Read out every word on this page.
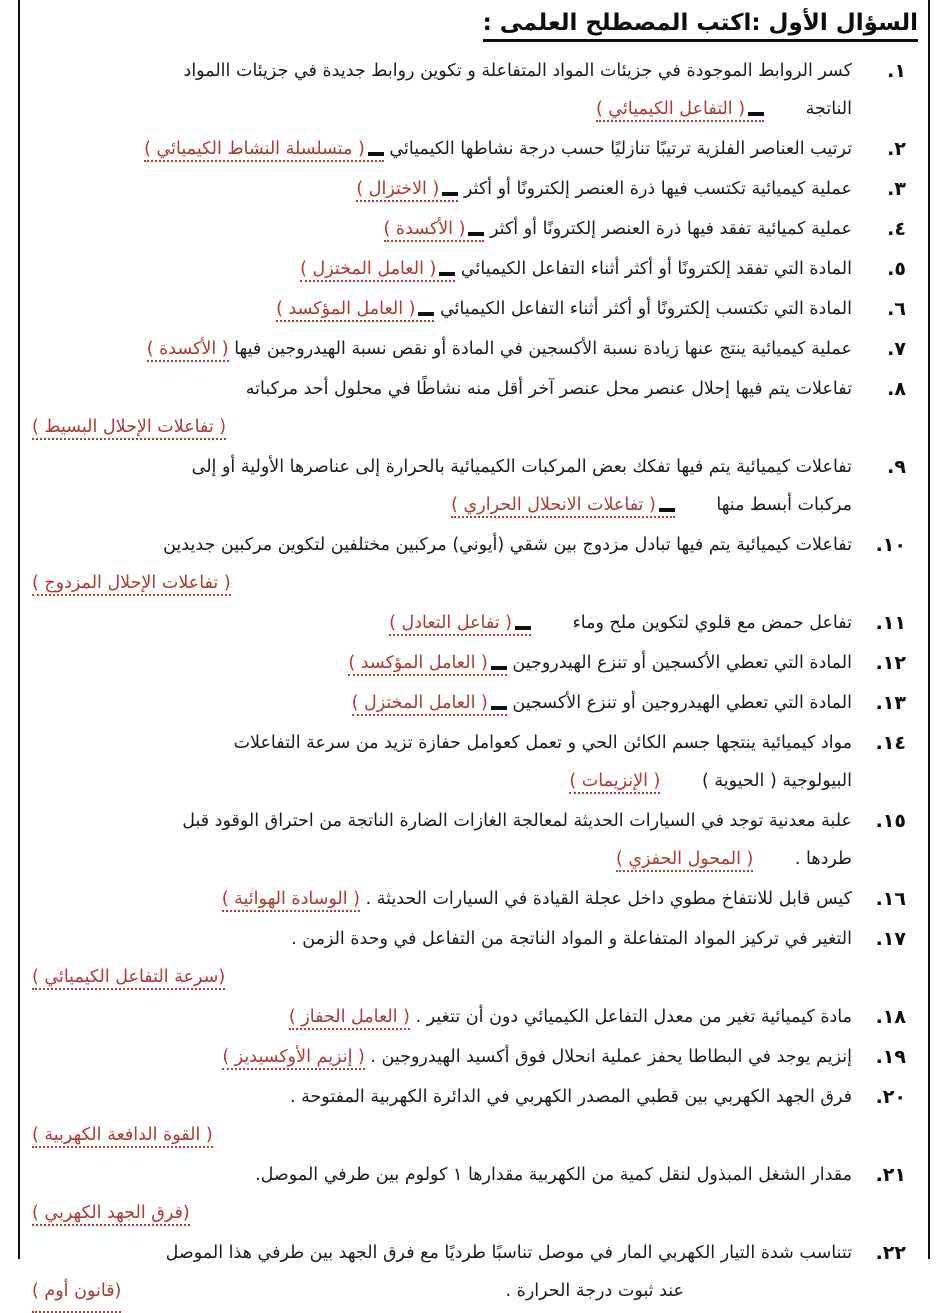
السؤال الأول :اكتب المصطلح العلمى :
١.
كسر الروابط الموجودة في جزيئات المواد المتفاعلة و تكوين روابط جديدة في جزيئات االمواد
الناتجة ( التفاعل الكيميائي )
٢.
ترتيب العناصر الفلزية ترتيبًا تنازليًا حسب درجة نشاطها الكيميائي ( متسلسلة النشاط الكيميائي )
٣.
عملية كيميائية تكتسب فيها ذرة العنصر إلكترونًا أو أكثر ( الاختزال )
٤.
عملية كميائية تفقد فيها ذرة العنصر إلكترونًا أو أكثر ( الأكسدة )
٥.
المادة التي تفقد إلكترونًا أو أكثر أثناء التفاعل الكيميائي ( العامل المختزل )
٦.
المادة التي تكتسب إلكترونًا أو أكثر أثناء التفاعل الكيميائي ( العامل المؤكسد )
٧.
عملية كيميائية ينتج عنها زيادة نسبة الأكسجين في المادة أو نقص نسبة الهيدروجين فيها ( الأكسدة )
٨.
تفاعلات يتم فيها إحلال عنصر محل عنصر آخر أقل منه نشاطًا في محلول أحد مركباته
( تفاعلات الإحلال البسيط )
٩.
تفاعلات كيميائية يتم فيها تفكك بعض المركبات الكيميائية بالحرارة إلى عناصرها الأولية أو إلى
مركبات أبسط منها ( تفاعلات الانحلال الحراري )
١٠.
تفاعلات كيميائية يتم فيها تبادل مزدوج بين شقي (أيوني) مركبين مختلفين لتكوين مركبين جديدين
( تفاعلات الإحلال المزدوج )
١١.
تفاعل حمض مع قلوي لتكوين ملح وماء ( تفاعل التعادل )
١٢.
المادة التي تعطي الأكسجين أو تنزع الهيدروجين ( العامل المؤكسد )
١٣.
المادة التي تعطي الهيدروجين أو تنزع الأكسجين ( العامل المختزل )
١٤.
مواد كيميائية ينتجها جسم الكائن الحي و تعمل كعوامل حفازة تزيد من سرعة التفاعلات
البيولوجية ( الحيوية ) ( الإنزيمات )
١٥.
علبة معدنية توجد في السيارات الحديثة لمعالجة الغازات الضارة الناتجة من احتراق الوقود قبل
طردها . ( المحول الحفزي )
١٦.
كيس قابل للانتفاخ مطوي داخل عجلة القيادة في السيارات الحديثة . ( الوسادة الهوائية )
١٧.
التغير في تركيز المواد المتفاعلة و المواد الناتجة من التفاعل في وحدة الزمن .
(سرعة التفاعل الكيميائي )
١٨.
مادة كيميائية تغير من معدل التفاعل الكيميائي دون أن تتغير . ( العامل الحفاز )
١٩.
إنزيم يوجد في البطاطا يحفز عملية انحلال فوق أكسيد الهيدروجين . ( إنزيم الأوكسيديز )
٢٠.
فرق الجهد الكهربي بين قطبي المصدر الكهربي في الدائرة الكهربية المفتوحة .
( القوة الدافعة الكهربية )
٢١.
مقدار الشغل المبذول لنقل كمية من الكهربية مقدارها ١ كولوم بين طرفي الموصل.
(فرق الجهد الكهربي )
٢٢.
تتناسب شدة التيار الكهربي المار في موصل تناسبًا طرديًا مع فرق الجهد بين طرفي هذا الموصل
عند ثبوت درجة الحرارة .
(قانون أوم )
